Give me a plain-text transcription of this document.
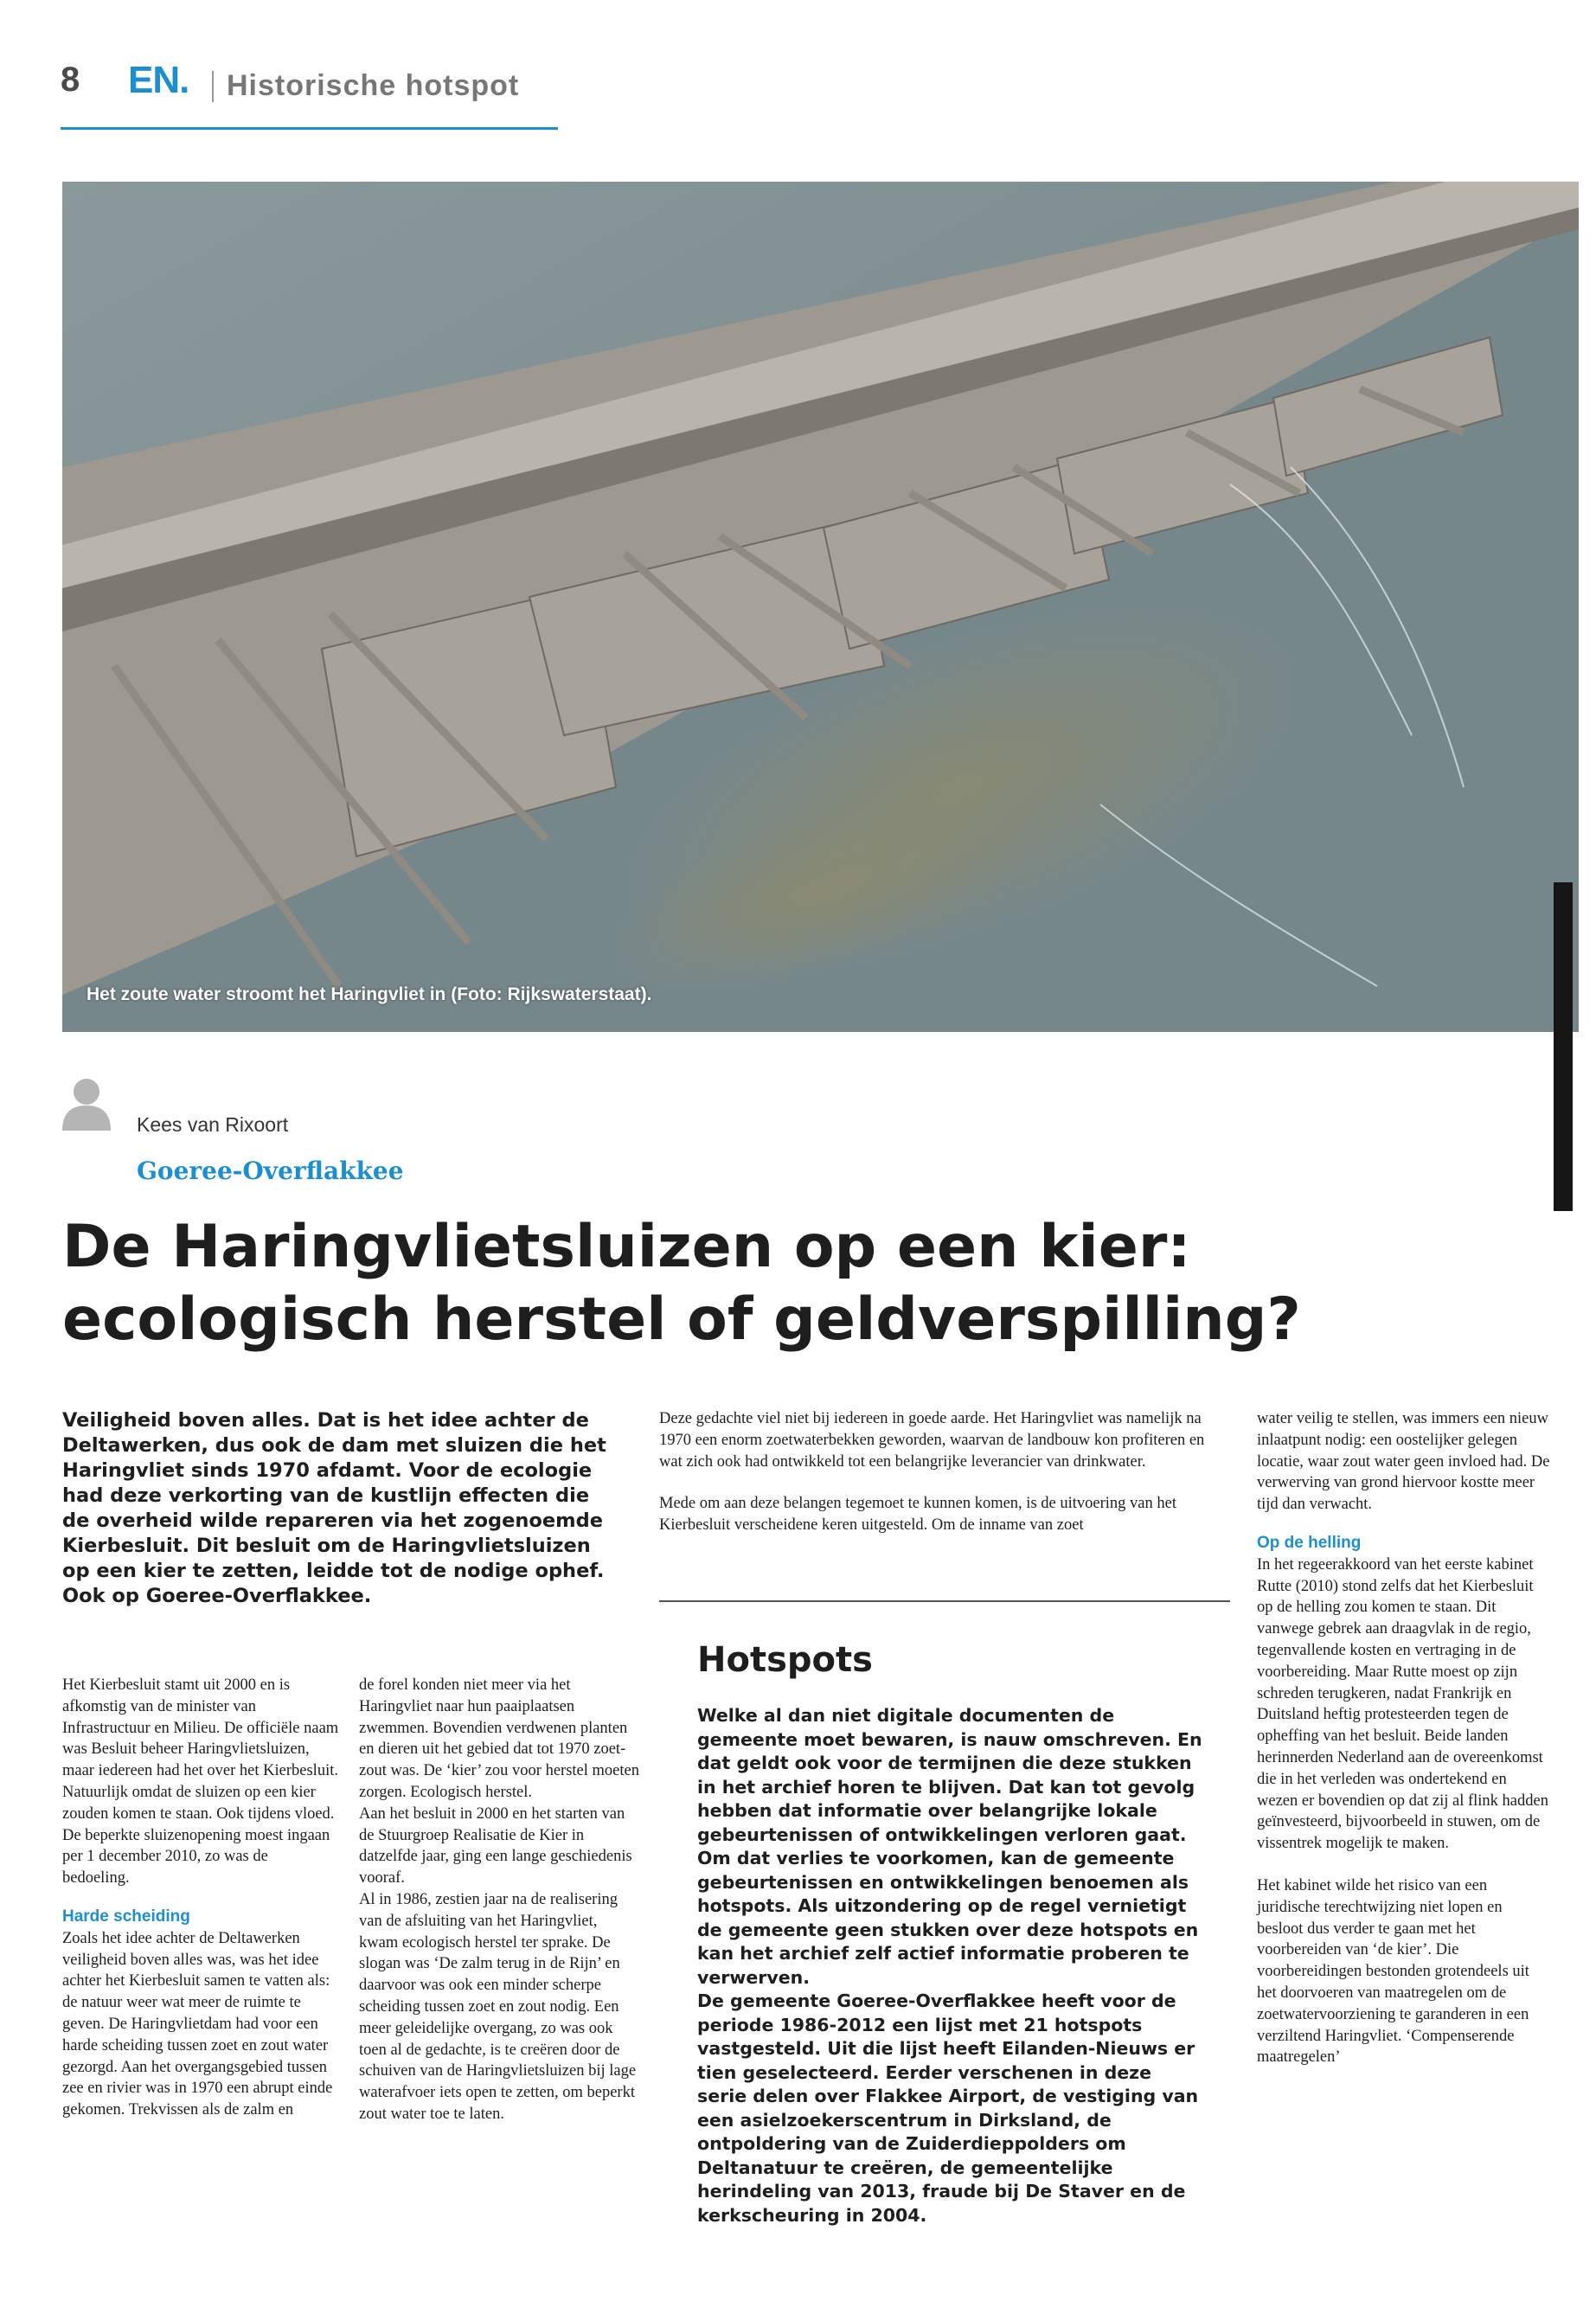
8 EN. Historische hotspot
Het zoute water stroomt het Haringvliet in (Foto: Rijkswaterstaat).
Kees van Rixoort
Goeree-Overflakkee
De Haringvlietsluizen op een kier:
ecologisch herstel of geldverspilling?

Veiligheid boven alles. Dat is het idee achter de Deltawerken, dus ook de dam met sluizen die het Haringvliet sinds 1970 afdamt. Voor de ecologie had deze verkorting van de kustlijn effecten die de overheid wilde repareren via het zogenoemde Kierbesluit. Dit besluit om de Haringvlietsluizen op een kier te zetten, leidde tot de nodige ophef. Ook op Goeree-Overflakkee.

Het Kierbesluit stamt uit 2000 en is afkomstig van de minister van Infrastructuur en Milieu. De officiële naam was Besluit beheer Haringvlietsluizen, maar iedereen had het over het Kierbesluit. Natuurlijk omdat de sluizen op een kier zouden komen te staan. Ook tijdens vloed. De beperkte sluizenopening moest ingaan per 1 december 2010, zo was de bedoeling.

Harde scheiding

Zoals het idee achter de Deltawerken veiligheid boven alles was, was het idee achter het Kierbesluit samen te vatten als: de natuur weer wat meer de ruimte te geven. De Haringvlietdam had voor een harde scheiding tussen zoet en zout water gezorgd. Aan het overgangsgebied tussen zee en rivier was in 1970 een abrupt einde gekomen. Trekvissen als de zalm en

de forel konden niet meer via het Haringvliet naar hun paaiplaatsen zwemmen. Bovendien verdwenen planten en dieren uit het gebied dat tot 1970 zoet-zout was. De ‘kier’ zou voor herstel moeten zorgen. Ecologisch herstel.

Aan het besluit in 2000 en het starten van de Stuurgroep Realisatie de Kier in datzelfde jaar, ging een lange geschiedenis vooraf.

Al in 1986, zestien jaar na de realisering van de afsluiting van het Haringvliet, kwam ecologisch herstel ter sprake. De slogan was ‘De zalm terug in de Rijn’ en daarvoor was ook een minder scherpe scheiding tussen zoet en zout nodig. Een meer geleidelijke overgang, zo was ook toen al de gedachte, is te creëren door de schuiven van de Haringvlietsluizen bij lage waterafvoer iets open te zetten, om beperkt zout water toe te laten.

Deze gedachte viel niet bij iedereen in goede aarde. Het Haringvliet was namelijk na 1970 een enorm zoetwaterbekken geworden, waarvan de landbouw kon profiteren en wat zich ook had ontwikkeld tot een belangrijke leverancier van drinkwater.

Mede om aan deze belangen tegemoet te kunnen komen, is de uitvoering van het Kierbesluit verscheidene keren uitgesteld. Om de inname van zoet

Hotspots

Welke al dan niet digitale documenten de gemeente moet bewaren, is nauw omschreven. En dat geldt ook voor de termijnen die deze stukken in het archief horen te blijven. Dat kan tot gevolg hebben dat informatie over belangrijke lokale gebeurtenissen of ontwikkelingen verloren gaat. Om dat verlies te voorkomen, kan de gemeente gebeurtenissen en ontwikkelingen benoemen als hotspots. Als uitzondering op de regel vernietigt de gemeente geen stukken over deze hotspots en kan het archief zelf actief informatie proberen te verwerven.

De gemeente Goeree-Overflakkee heeft voor de periode 1986-2012 een lijst met 21 hotspots vastgesteld. Uit die lijst heeft Eilanden-Nieuws er tien geselecteerd. Eerder verschenen in deze serie delen over Flakkee Airport, de vestiging van een asielzoekerscentrum in Dirksland, de ontpoldering van de Zuiderdieppolders om Deltanatuur te creëren, de gemeentelijke herindeling van 2013, fraude bij De Staver en de kerkscheuring in 2004.

water veilig te stellen, was immers een nieuw inlaatpunt nodig: een oostelijker gelegen locatie, waar zout water geen invloed had. De verwerving van grond hiervoor kostte meer tijd dan verwacht.

Op de helling

In het regeerakkoord van het eerste kabinet Rutte (2010) stond zelfs dat het Kierbesluit op de helling zou komen te staan. Dit vanwege gebrek aan draagvlak in de regio, tegenvallende kosten en vertraging in de voorbereiding. Maar Rutte moest op zijn schreden terugkeren, nadat Frankrijk en Duitsland heftig protesteerden tegen de opheffing van het besluit. Beide landen herinnerden Nederland aan de overeenkomst die in het verleden was ondertekend en wezen er bovendien op dat zij al flink hadden geïnvesteerd, bijvoorbeeld in stuwen, om de vissentrek mogelijk te maken.

Het kabinet wilde het risico van een juridische terechtwijzing niet lopen en besloot dus verder te gaan met het voorbereiden van ‘de kier’. Die voorbereidingen bestonden grotendeels uit het doorvoeren van maatregelen om de zoetwatervoorziening te garanderen in een verziltend Haringvliet. ‘Compenserende maatregelen’
